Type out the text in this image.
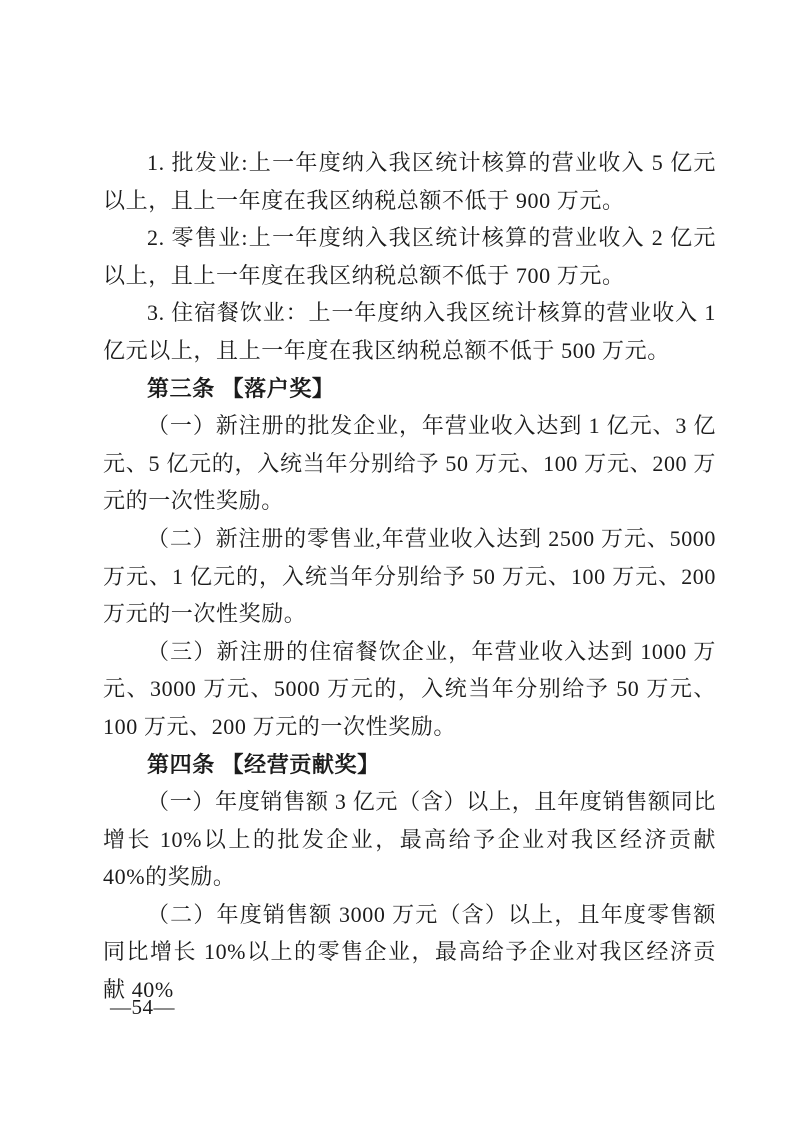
1. 批发业:上一年度纳入我区统计核算的营业收入 5 亿元以上，且上一年度在我区纳税总额不低于 900 万元。

2. 零售业:上一年度纳入我区统计核算的营业收入 2 亿元以上，且上一年度在我区纳税总额不低于 700 万元。

3. 住宿餐饮业：上一年度纳入我区统计核算的营业收入 1 亿元以上，且上一年度在我区纳税总额不低于 500 万元。

第三条 【落户奖】

（一）新注册的批发企业，年营业收入达到 1 亿元、3 亿元、5 亿元的，入统当年分别给予 50 万元、100 万元、200 万元的一次性奖励。

（二）新注册的零售业,年营业收入达到 2500 万元、5000 万元、1 亿元的，入统当年分别给予 50 万元、100 万元、200 万元的一次性奖励。

（三）新注册的住宿餐饮企业，年营业收入达到 1000 万元、3000 万元、5000 万元的，入统当年分别给予 50 万元、100 万元、200 万元的一次性奖励。

第四条 【经营贡献奖】

（一）年度销售额 3 亿元（含）以上，且年度销售额同比增长 10%以上的批发企业，最高给予企业对我区经济贡献 40%的奖励。

（二）年度销售额 3000 万元（含）以上，且年度零售额同比增长 10%以上的零售企业，最高给予企业对我区经济贡献 40%

—54—
